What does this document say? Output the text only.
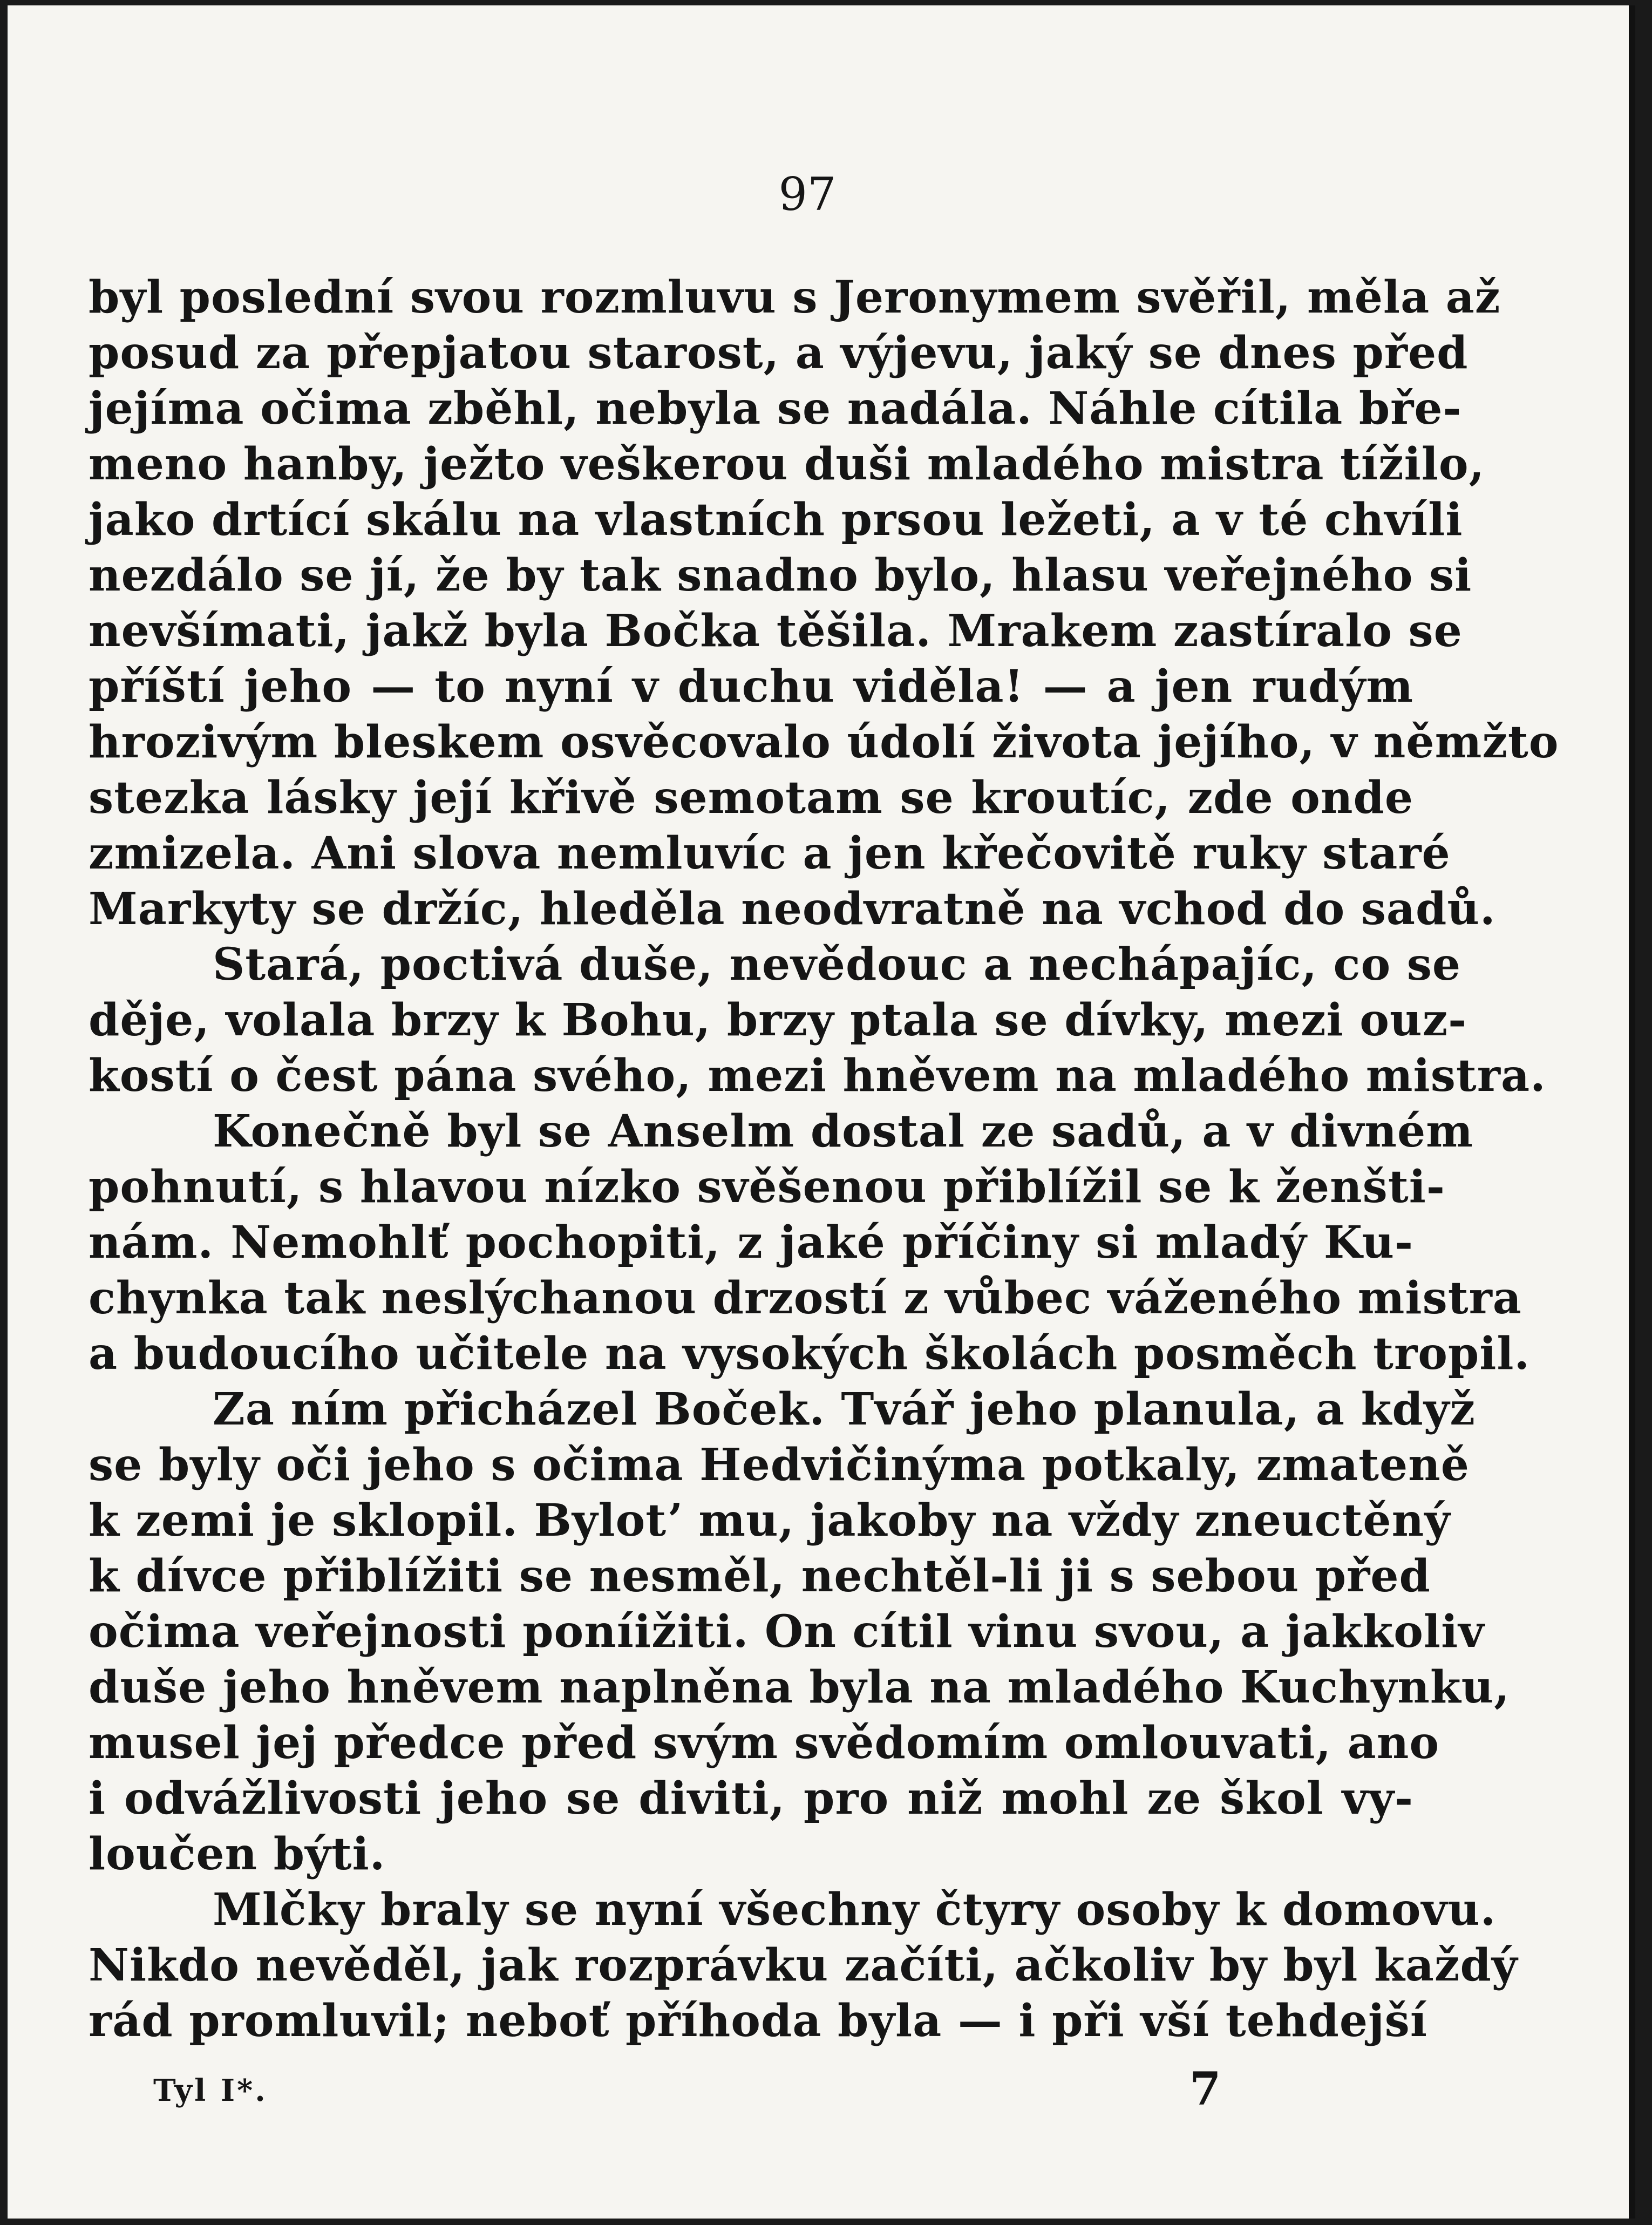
97
byl poslední svou rozmluvu s Jeronymem svěřil, měla až
posud za přepjatou starost, a výjevu, jaký se dnes před
jejíma očima zběhl, nebyla se nadála. Náhle cítila bře-
meno hanby, ježto veškerou duši mladého mistra tížilo,
jako drtící skálu na vlastních prsou ležeti, a v té chvíli
nezdálo se jí, že by tak snadno bylo, hlasu veřejného si
nevšímati, jakž byla Bočka těšila. Mrakem zastíralo se
příští jeho — to nyní v duchu viděla! — a jen rudým
hrozivým bleskem osvěcovalo údolí života jejího, v němžto
stezka lásky její křivě semotam se kroutíc, zde onde
zmizela. Ani slova nemluvíc a jen křečovitě ruky staré
Markyty se držíc, hleděla neodvratně na vchod do sadů.
Stará, poctivá duše, nevědouc a nechápajíc, co se
děje, volala brzy k Bohu, brzy ptala se dívky, mezi ouz-
kostí o čest pána svého, mezi hněvem na mladého mistra.
Konečně byl se Anselm dostal ze sadů, a v divném
pohnutí, s hlavou nízko svěšenou přiblížil se k ženšti-
nám. Nemohlť pochopiti, z jaké příčiny si mladý Ku-
chynka tak neslýchanou drzostí z vůbec váženého mistra
a budoucího učitele na vysokých školách posměch tropil.
Za ním přicházel Boček. Tvář jeho planula, a když
se byly oči jeho s očima Hedvičinýma potkaly, zmateně
k zemi je sklopil. Bylotʼ mu, jakoby na vždy zneuctěný
k dívce přiblížiti se nesměl, nechtěl-li ji s sebou před
očima veřejnosti poníižiti. On cítil vinu svou, a jakkoliv
duše jeho hněvem naplněna byla na mladého Kuchynku,
musel jej předce před svým svědomím omlouvati, ano
i odvážlivosti jeho se diviti, pro niž mohl ze škol vy-
loučen býti.
Mlčky braly se nyní všechny čtyry osoby k domovu.
Nikdo nevěděl, jak rozprávku začíti, ačkoliv by byl každý
rád promluvil; neboť příhoda byla — i při vší tehdejší
Tyl I*.	7
